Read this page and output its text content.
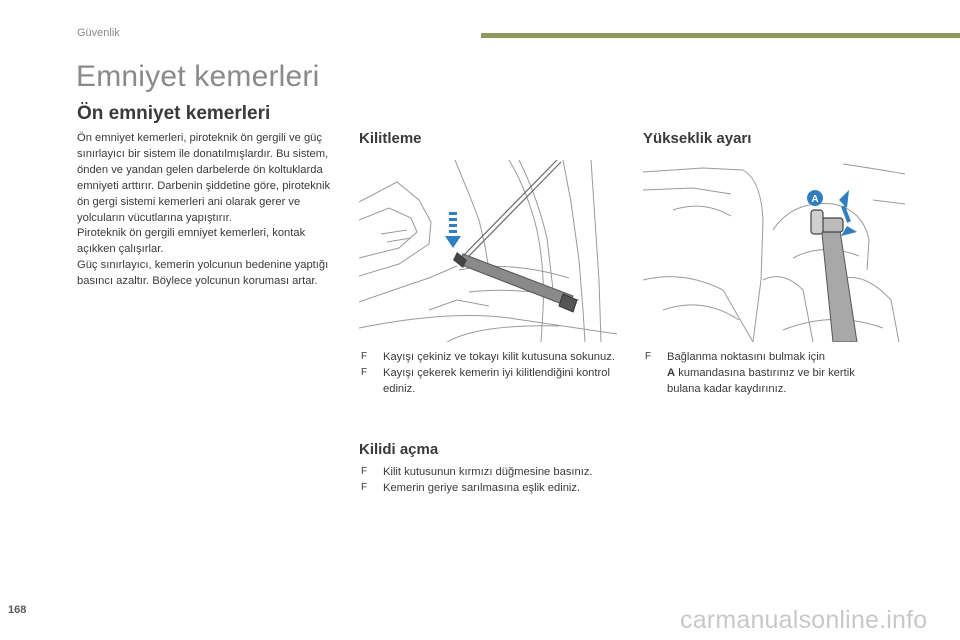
Güvenlik
Emniyet kemerleri
Ön emniyet kemerleri

Ön emniyet kemerleri, piroteknik ön gergili ve güç sınırlayıcı bir sistem ile donatılmışlardır. Bu sistem, önden ve yandan gelen darbelerde ön koltuklarda emniyeti arttırır. Darbenin şiddetine göre, piroteknik ön gergi sistemi kemerleri ani olarak gerer ve yolcuların vücutlarına yapıştırır.

Piroteknik ön gergili emniyet kemerleri, kontak açıkken çalışırlar.

Güç sınırlayıcı, kemerin yolcunun bedenine yaptığı basıncı azaltır. Böylece yolcunun koruması artar.

Kilitleme
F Kayışı çekiniz ve tokayı kilit kutusuna sokunuz.
F Kayışı çekerek kemerin iyi kilitlendiğini kontrol ediniz.
Kilidi açma
F Kilit kutusunun kırmızı düğmesine basınız.
F Kemerin geriye sarılmasına eşlik ediniz.
Yükseklik ayarı
A
F Bağlanma noktasını bulmak için
A kumandasına bastırınız ve bir kertik bulana kadar kaydırınız.
168	carmanualsonline.info
